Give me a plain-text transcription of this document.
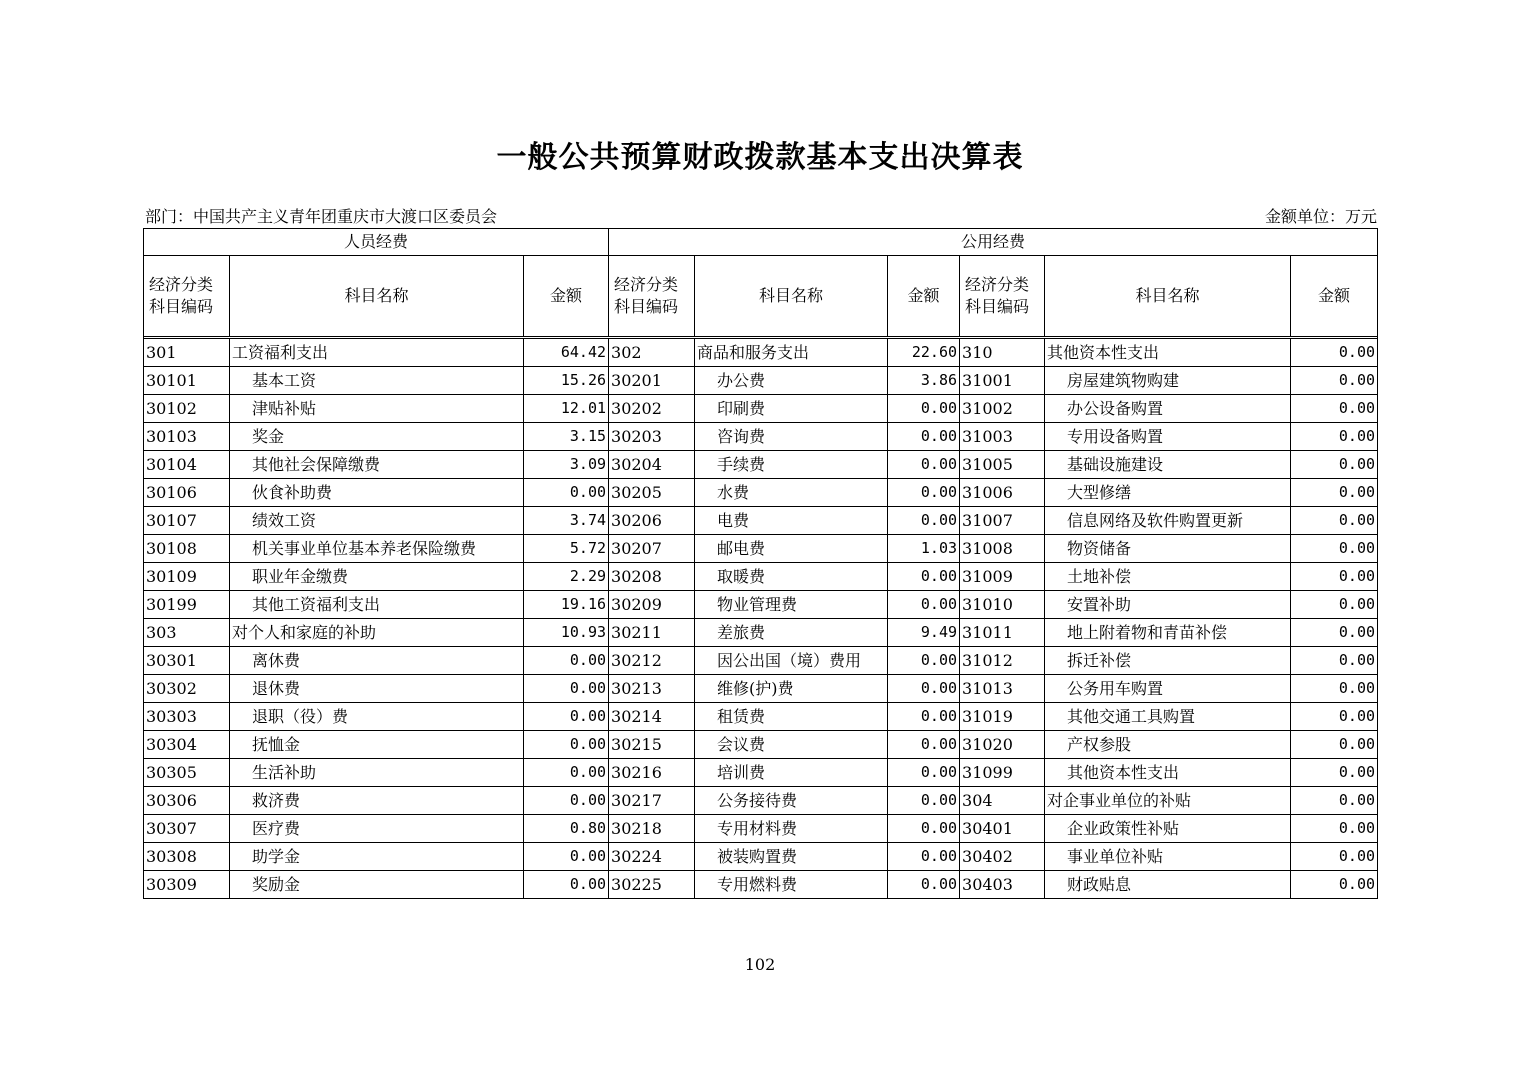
一般公共预算财政拨款基本支出决算表
部门：中国共产主义青年团重庆市大渡口区委员会	金额单位：万元
人员经费			公用经费					
经济分类科目编码	科目名称	金额	经济分类科目编码	科目名称	金额	经济分类科目编码	科目名称	金额

301	工资福利支出	64.42	302	商品和服务支出	22.60	310	其他资本性支出	0.00
30101	基本工资	15.26	30201	办公费	3.86	31001	房屋建筑物购建	0.00
30102	津贴补贴	12.01	30202	印刷费	0.00	31002	办公设备购置	0.00
30103	奖金	3.15	30203	咨询费	0.00	31003	专用设备购置	0.00
30104	其他社会保障缴费	3.09	30204	手续费	0.00	31005	基础设施建设	0.00
30106	伙食补助费	0.00	30205	水费	0.00	31006	大型修缮	0.00
30107	绩效工资	3.74	30206	电费	0.00	31007	信息网络及软件购置更新	0.00
30108	机关事业单位基本养老保险缴费	5.72	30207	邮电费	1.03	31008	物资储备	0.00
30109	职业年金缴费	2.29	30208	取暖费	0.00	31009	土地补偿	0.00
30199	其他工资福利支出	19.16	30209	物业管理费	0.00	31010	安置补助	0.00
303	对个人和家庭的补助	10.93	30211	差旅费	9.49	31011	地上附着物和青苗补偿	0.00
30301	离休费	0.00	30212	因公出国（境）费用	0.00	31012	拆迁补偿	0.00
30302	退休费	0.00	30213	维修(护)费	0.00	31013	公务用车购置	0.00
30303	退职（役）费	0.00	30214	租赁费	0.00	31019	其他交通工具购置	0.00
30304	抚恤金	0.00	30215	会议费	0.00	31020	产权参股	0.00
30305	生活补助	0.00	30216	培训费	0.00	31099	其他资本性支出	0.00
30306	救济费	0.00	30217	公务接待费	0.00	304	对企事业单位的补贴	0.00
30307	医疗费	0.80	30218	专用材料费	0.00	30401	企业政策性补贴	0.00
30308	助学金	0.00	30224	被装购置费	0.00	30402	事业单位补贴	0.00
30309	奖励金	0.00	30225	专用燃料费	0.00	30403	财政贴息	0.00
102
